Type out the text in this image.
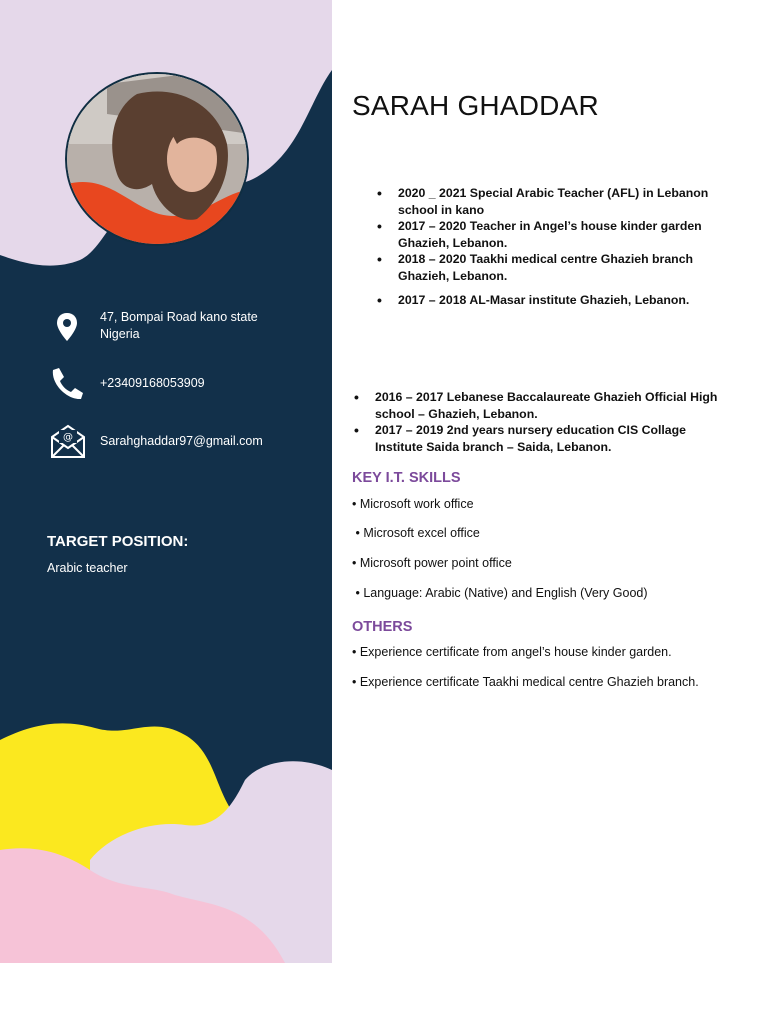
47, Bompai Road kano state
Nigeria
+23409168053909
@ Sarahghaddar97@gmail.com
TARGET POSITION:
Arabic teacher
SARAH GHADDAR
• 2020 _ 2021 Special Arabic Teacher (AFL) in Lebanon school in kano
• 2017 – 2020 Teacher in Angel’s house kinder garden Ghazieh, Lebanon.
• 2018 – 2020 Taakhi medical centre Ghazieh branch Ghazieh, Lebanon.
• 2017 – 2018 AL-Masar institute Ghazieh, Lebanon.
• 2016 – 2017 Lebanese Baccalaureate Ghazieh Official High school – Ghazieh, Lebanon.
• 2017 – 2019 2nd years nursery education CIS Collage Institute Saida branch – Saida, Lebanon.
KEY I.T. SKILLS
• Microsoft work office
• Microsoft excel office
• Microsoft power point office
• Language: Arabic (Native) and English (Very Good)
OTHERS
• Experience certificate from angel’s house kinder garden.
• Experience certificate Taakhi medical centre Ghazieh branch.
